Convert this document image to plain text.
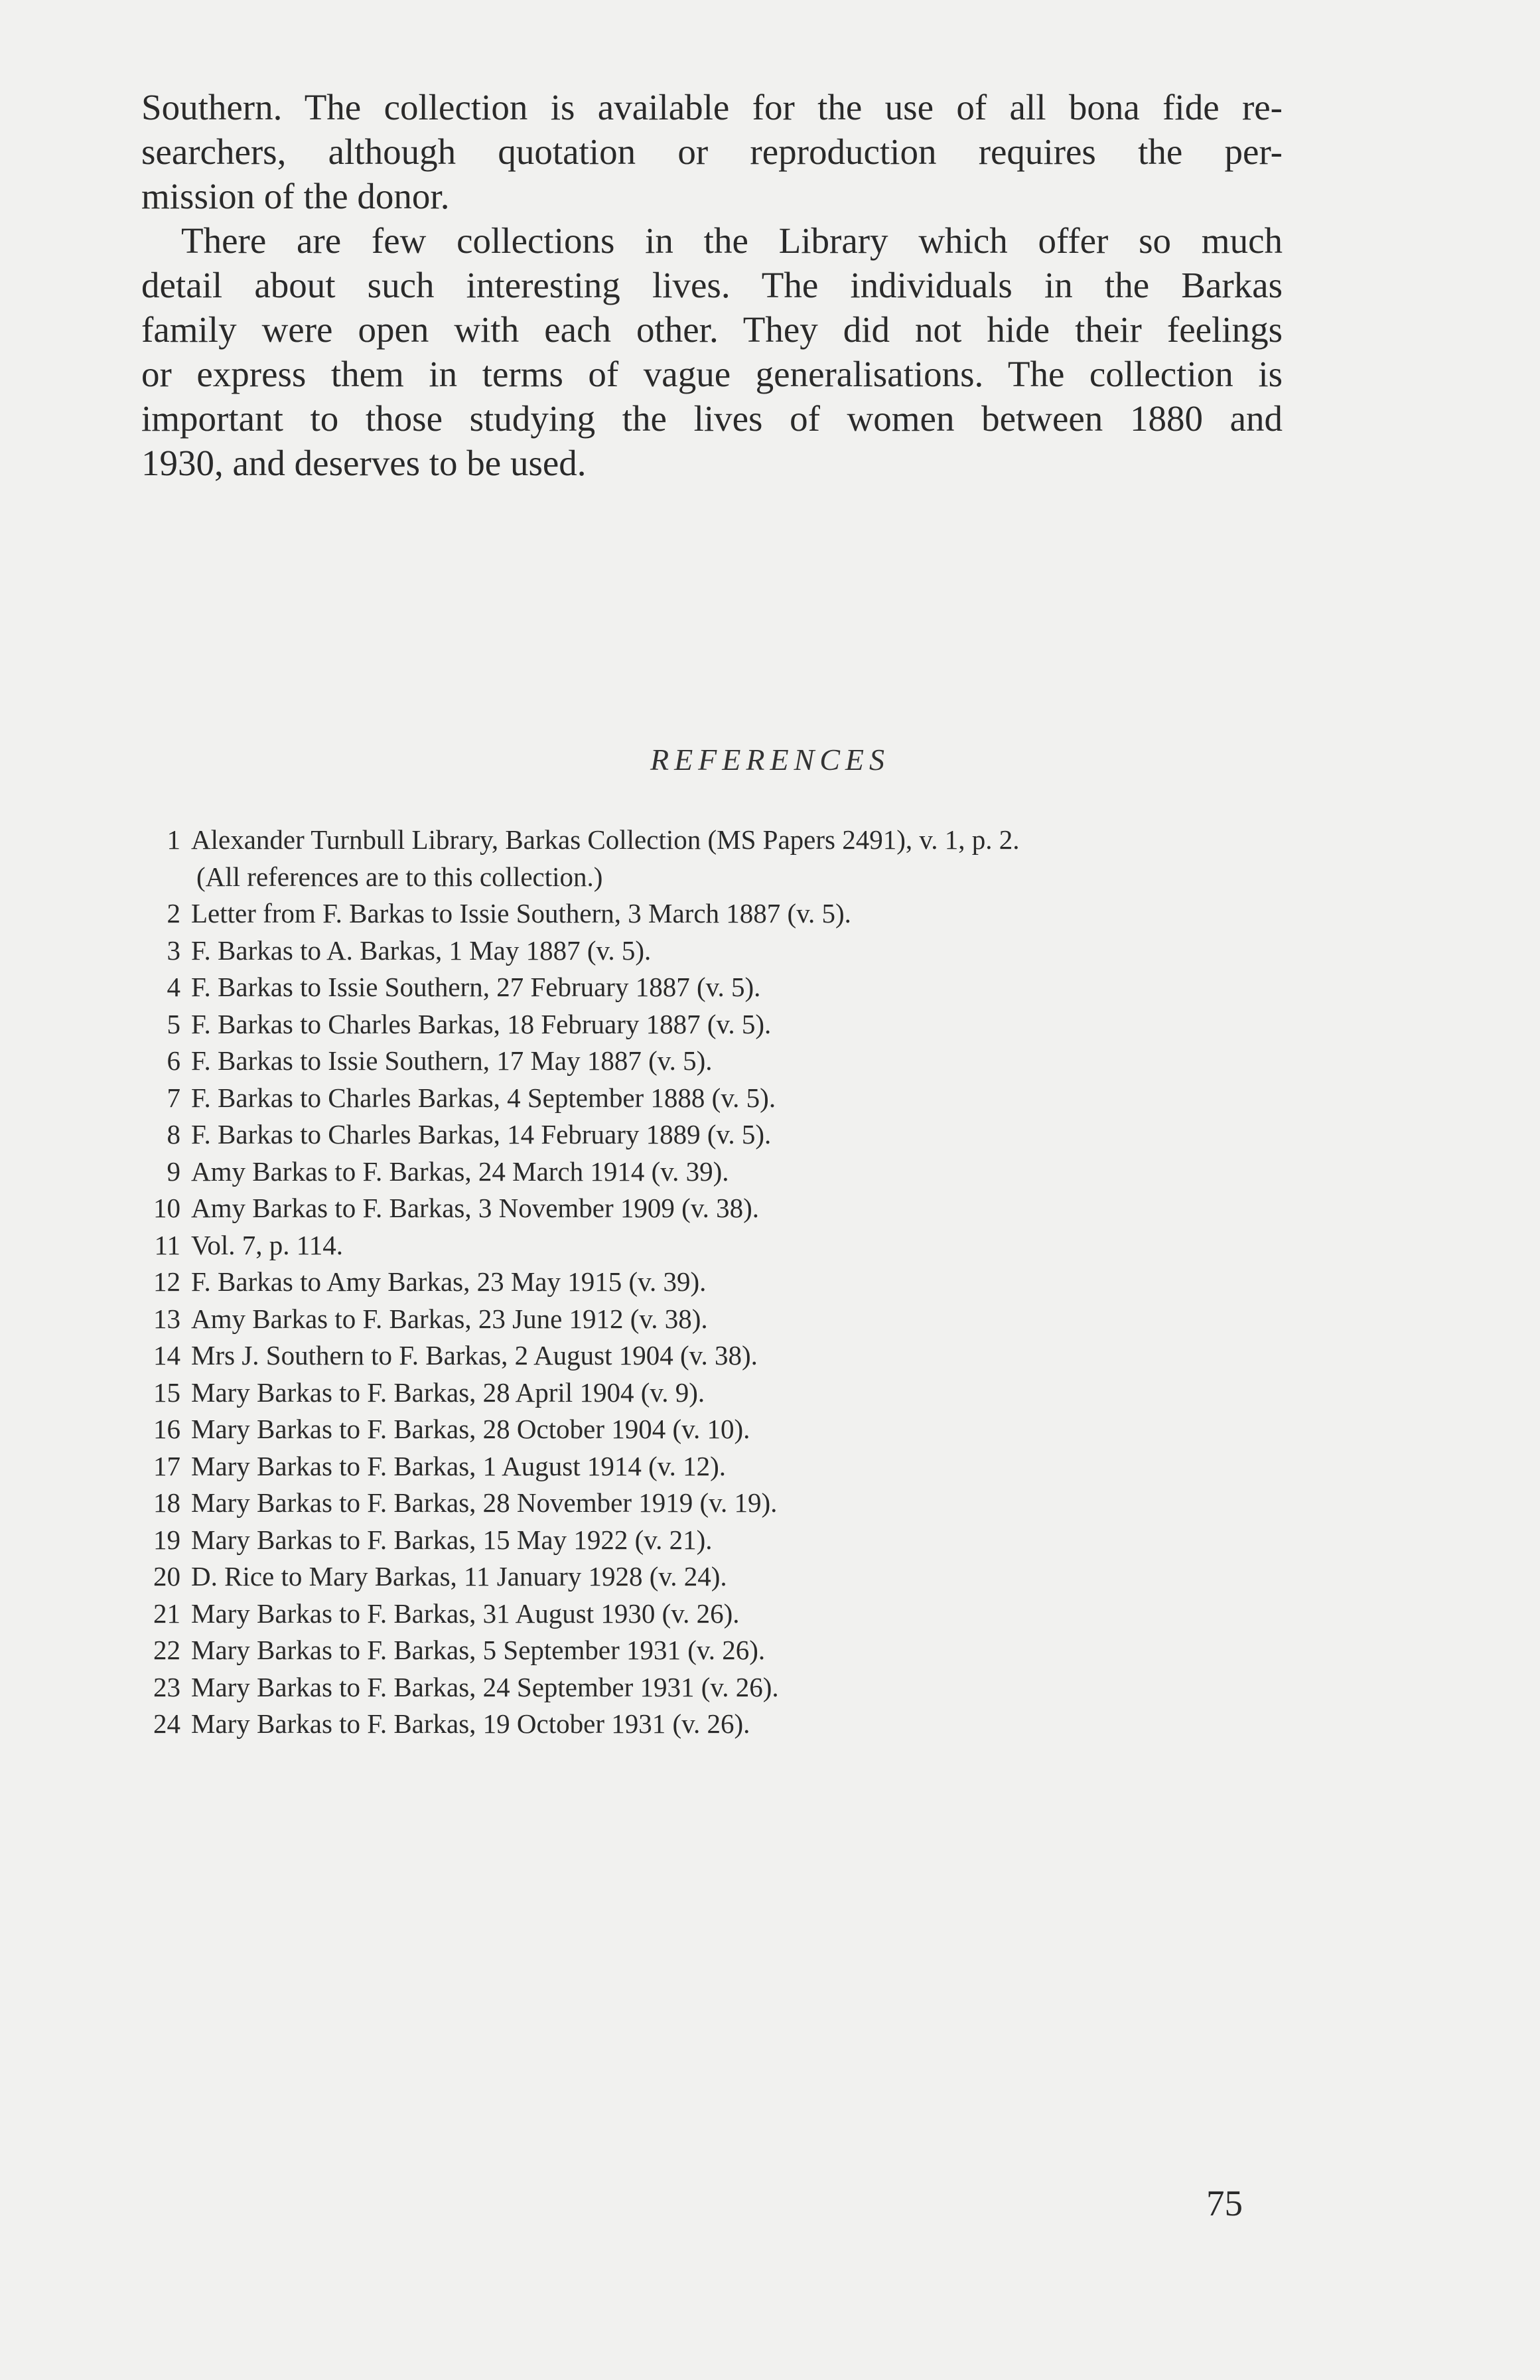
Southern. The collection is available for the use of all bona fide re-
searchers, although quotation or reproduction requires the per-
mission of the donor.

There are few collections in the Library which offer so much
detail about such interesting lives. The individuals in the Barkas
family were open with each other. They did not hide their feelings
or express them in terms of vague generalisations. The collection is
important to those studying the lives of women between 1880 and
1930, and deserves to be used.

REFERENCES
1 Alexander Turnbull Library, Barkas Collection (MS Papers 2491), v. 1, p. 2.
(All references are to this collection.)
2 Letter from F. Barkas to Issie Southern, 3 March 1887 (v. 5).
3 F. Barkas to A. Barkas, 1 May 1887 (v. 5).
4 F. Barkas to Issie Southern, 27 February 1887 (v. 5).
5 F. Barkas to Charles Barkas, 18 February 1887 (v. 5).
6 F. Barkas to Issie Southern, 17 May 1887 (v. 5).
7 F. Barkas to Charles Barkas, 4 September 1888 (v. 5).
8 F. Barkas to Charles Barkas, 14 February 1889 (v. 5).
9 Amy Barkas to F. Barkas, 24 March 1914 (v. 39).
10 Amy Barkas to F. Barkas, 3 November 1909 (v. 38).
11 Vol. 7, p. 114.
12 F. Barkas to Amy Barkas, 23 May 1915 (v. 39).
13 Amy Barkas to F. Barkas, 23 June 1912 (v. 38).
14 Mrs J. Southern to F. Barkas, 2 August 1904 (v. 38).
15 Mary Barkas to F. Barkas, 28 April 1904 (v. 9).
16 Mary Barkas to F. Barkas, 28 October 1904 (v. 10).
17 Mary Barkas to F. Barkas, 1 August 1914 (v. 12).
18 Mary Barkas to F. Barkas, 28 November 1919 (v. 19).
19 Mary Barkas to F. Barkas, 15 May 1922 (v. 21).
20 D. Rice to Mary Barkas, 11 January 1928 (v. 24).
21 Mary Barkas to F. Barkas, 31 August 1930 (v. 26).
22 Mary Barkas to F. Barkas, 5 September 1931 (v. 26).
23 Mary Barkas to F. Barkas, 24 September 1931 (v. 26).
24 Mary Barkas to F. Barkas, 19 October 1931 (v. 26).
75
